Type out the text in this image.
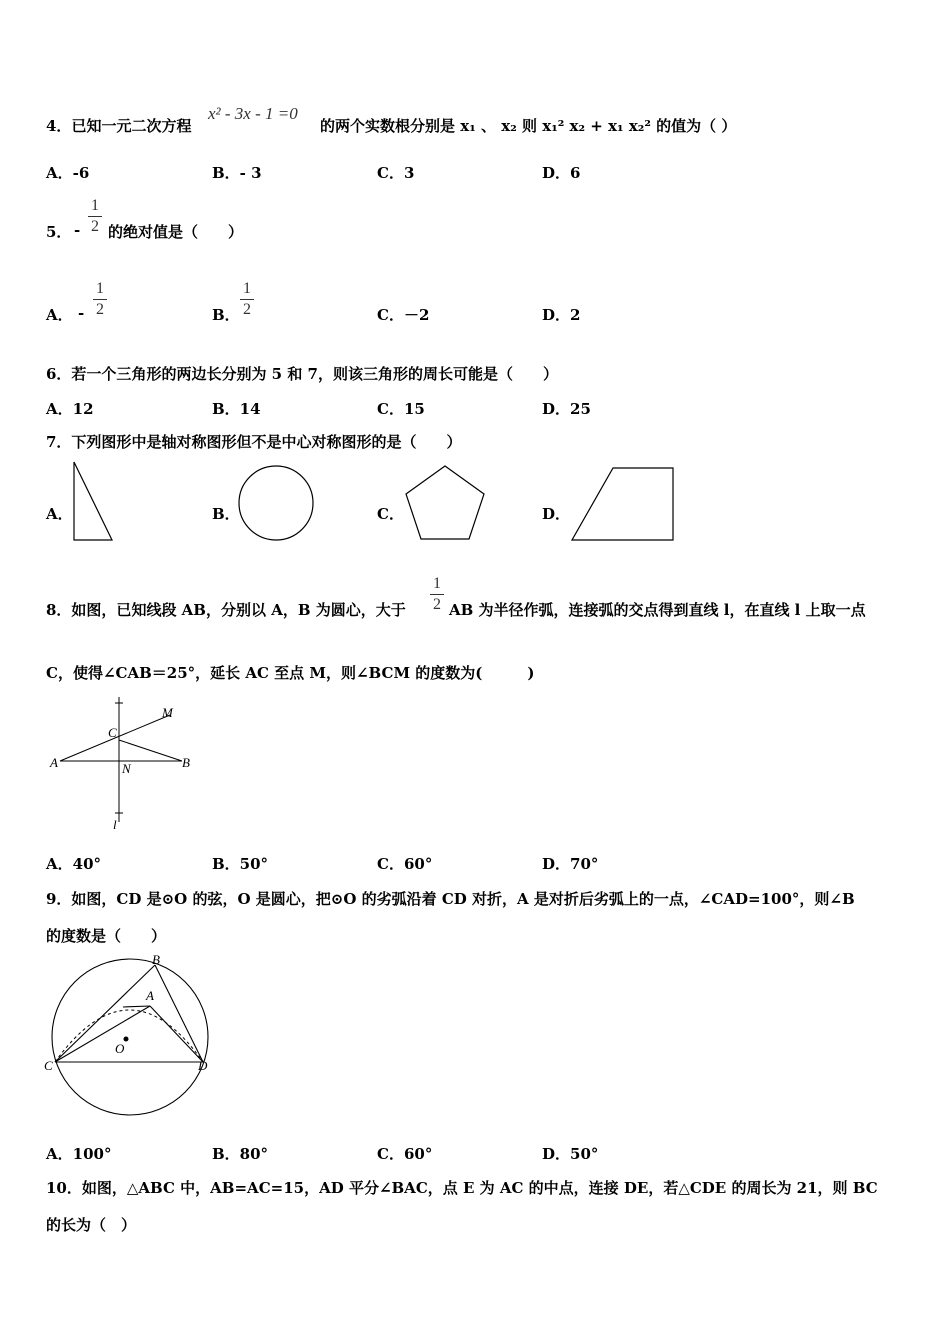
4．已知一元二次方程
x² - 3x - 1 =0
的两个实数根分别是 x₁ 、 x₂ 则 x₁² x₂ + x₁ x₂² 的值为（ ）
A．-6	B．- 3	C．3	D．6
5． -
1
2 的绝对值是（　　）
A． -
1
2	B．
1
2	C．－2	D．2
6．若一个三角形的两边长分别为 5 和 7，则该三角形的周长可能是（　　）
A．12	B．14	C．15	D．25
7．下列图形中是轴对称图形但不是中心对称图形的是（　　）
A．	B．	C．	D．
8．如图，已知线段 AB，分别以 A，B 为圆心，大于
1
2 AB 为半径作弧，连接弧的交点得到直线 l，在直线 l 上取一点
C，使得∠CAB＝25°，延长 AC 至点 M，则∠BCM 的度数为(　　　)
C
M
A	B
N
l
A．40°	B．50°	C．60°	D．70°
9．如图，CD 是⊙O 的弦，O 是圆心，把⊙O 的劣弧沿着 CD 对折，A 是对折后劣弧上的一点，∠CAD=100°，则∠B
的度数是（　　）
B
A
O
C	D
A．100°	B．80°	C．60°	D．50°
10．如图，△ABC 中，AB=AC=15，AD 平分∠BAC，点 E 为 AC 的中点，连接 DE，若△CDE 的周长为 21，则 BC
的长为（　）
